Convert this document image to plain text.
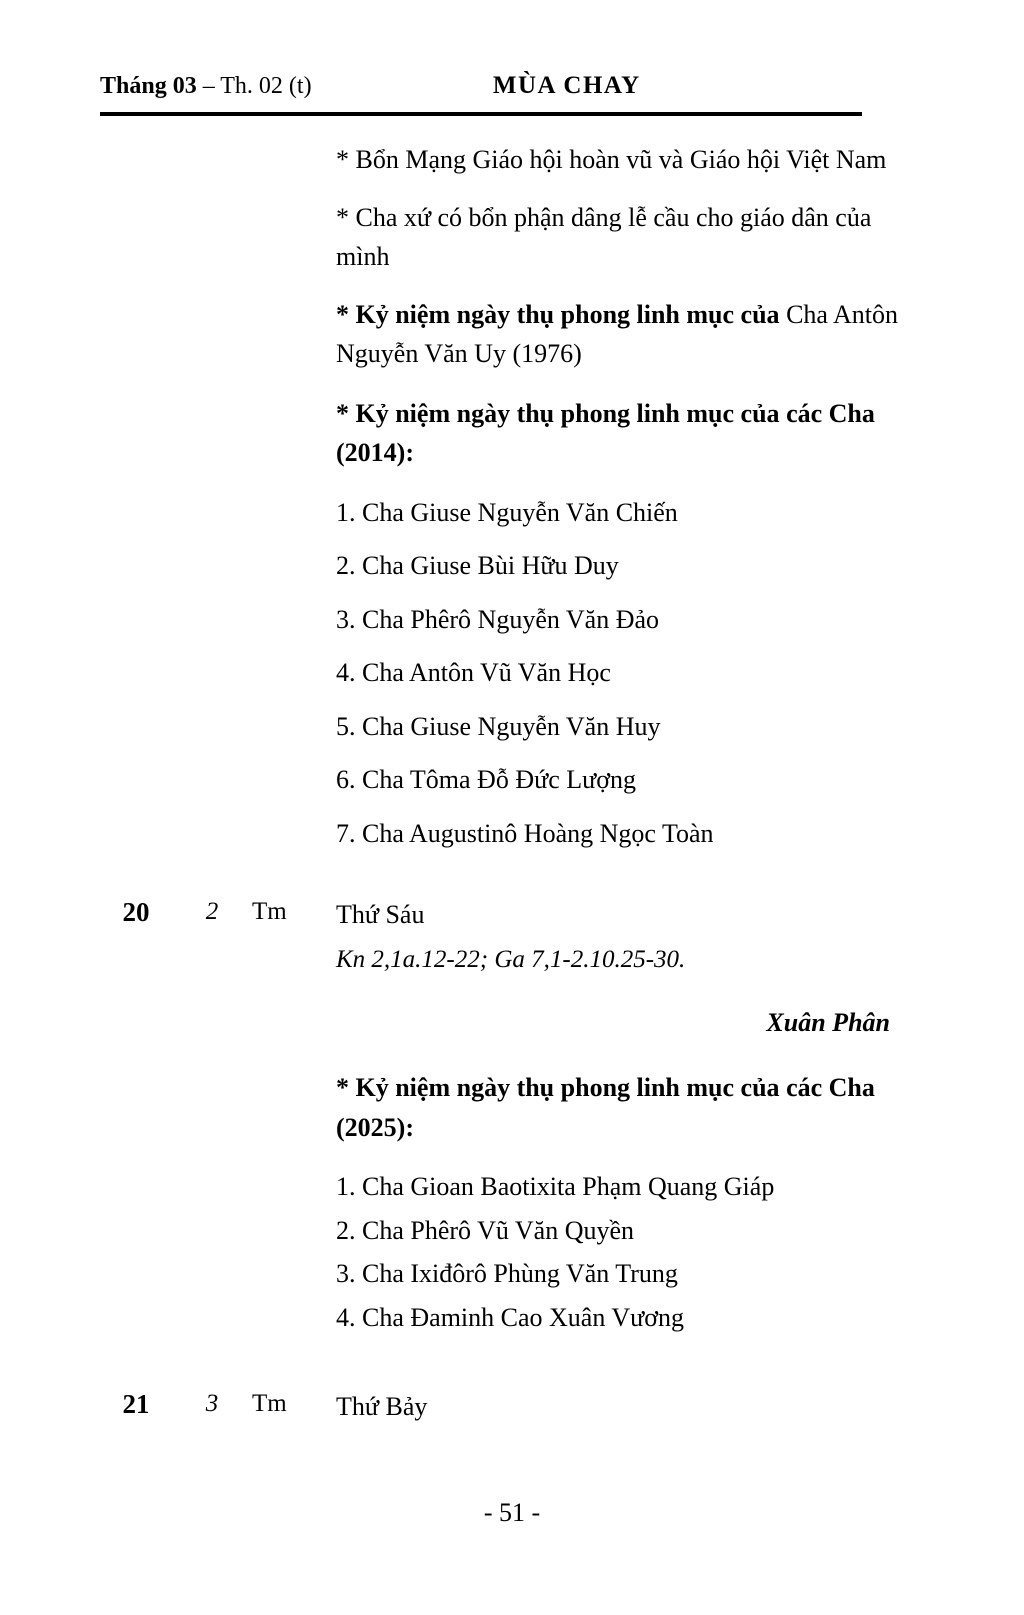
Tháng 03 – Th. 02 (t)	MÙA CHAY

* Bổn Mạng Giáo hội hoàn vũ và Giáo hội Việt Nam

* Cha xứ có bổn phận dâng lễ cầu cho giáo dân của mình

* Kỷ niệm ngày thụ phong linh mục của Cha Antôn Nguyễn Văn Uy (1976)

* Kỷ niệm ngày thụ phong linh mục của các Cha (2014):

1. Cha Giuse Nguyễn Văn Chiến

2. Cha Giuse Bùi Hữu Duy

3. Cha Phêrô Nguyễn Văn Đảo

4. Cha Antôn Vũ Văn Học

5. Cha Giuse Nguyễn Văn Huy

6. Cha Tôma Đỗ Đức Lượng

7. Cha Augustinô Hoàng Ngọc Toàn

20	2	Tm	Thứ Sáu

Kn 2,1a.12-22; Ga 7,1-2.10.25-30.

Xuân Phân

* Kỷ niệm ngày thụ phong linh mục của các Cha (2025):

1. Cha Gioan Baotixita Phạm Quang Giáp

2. Cha Phêrô Vũ Văn Quyền

3. Cha Ixiđôrô Phùng Văn Trung

4. Cha Đaminh Cao Xuân Vương

21	3	Tm	Thứ Bảy

- 51 -
